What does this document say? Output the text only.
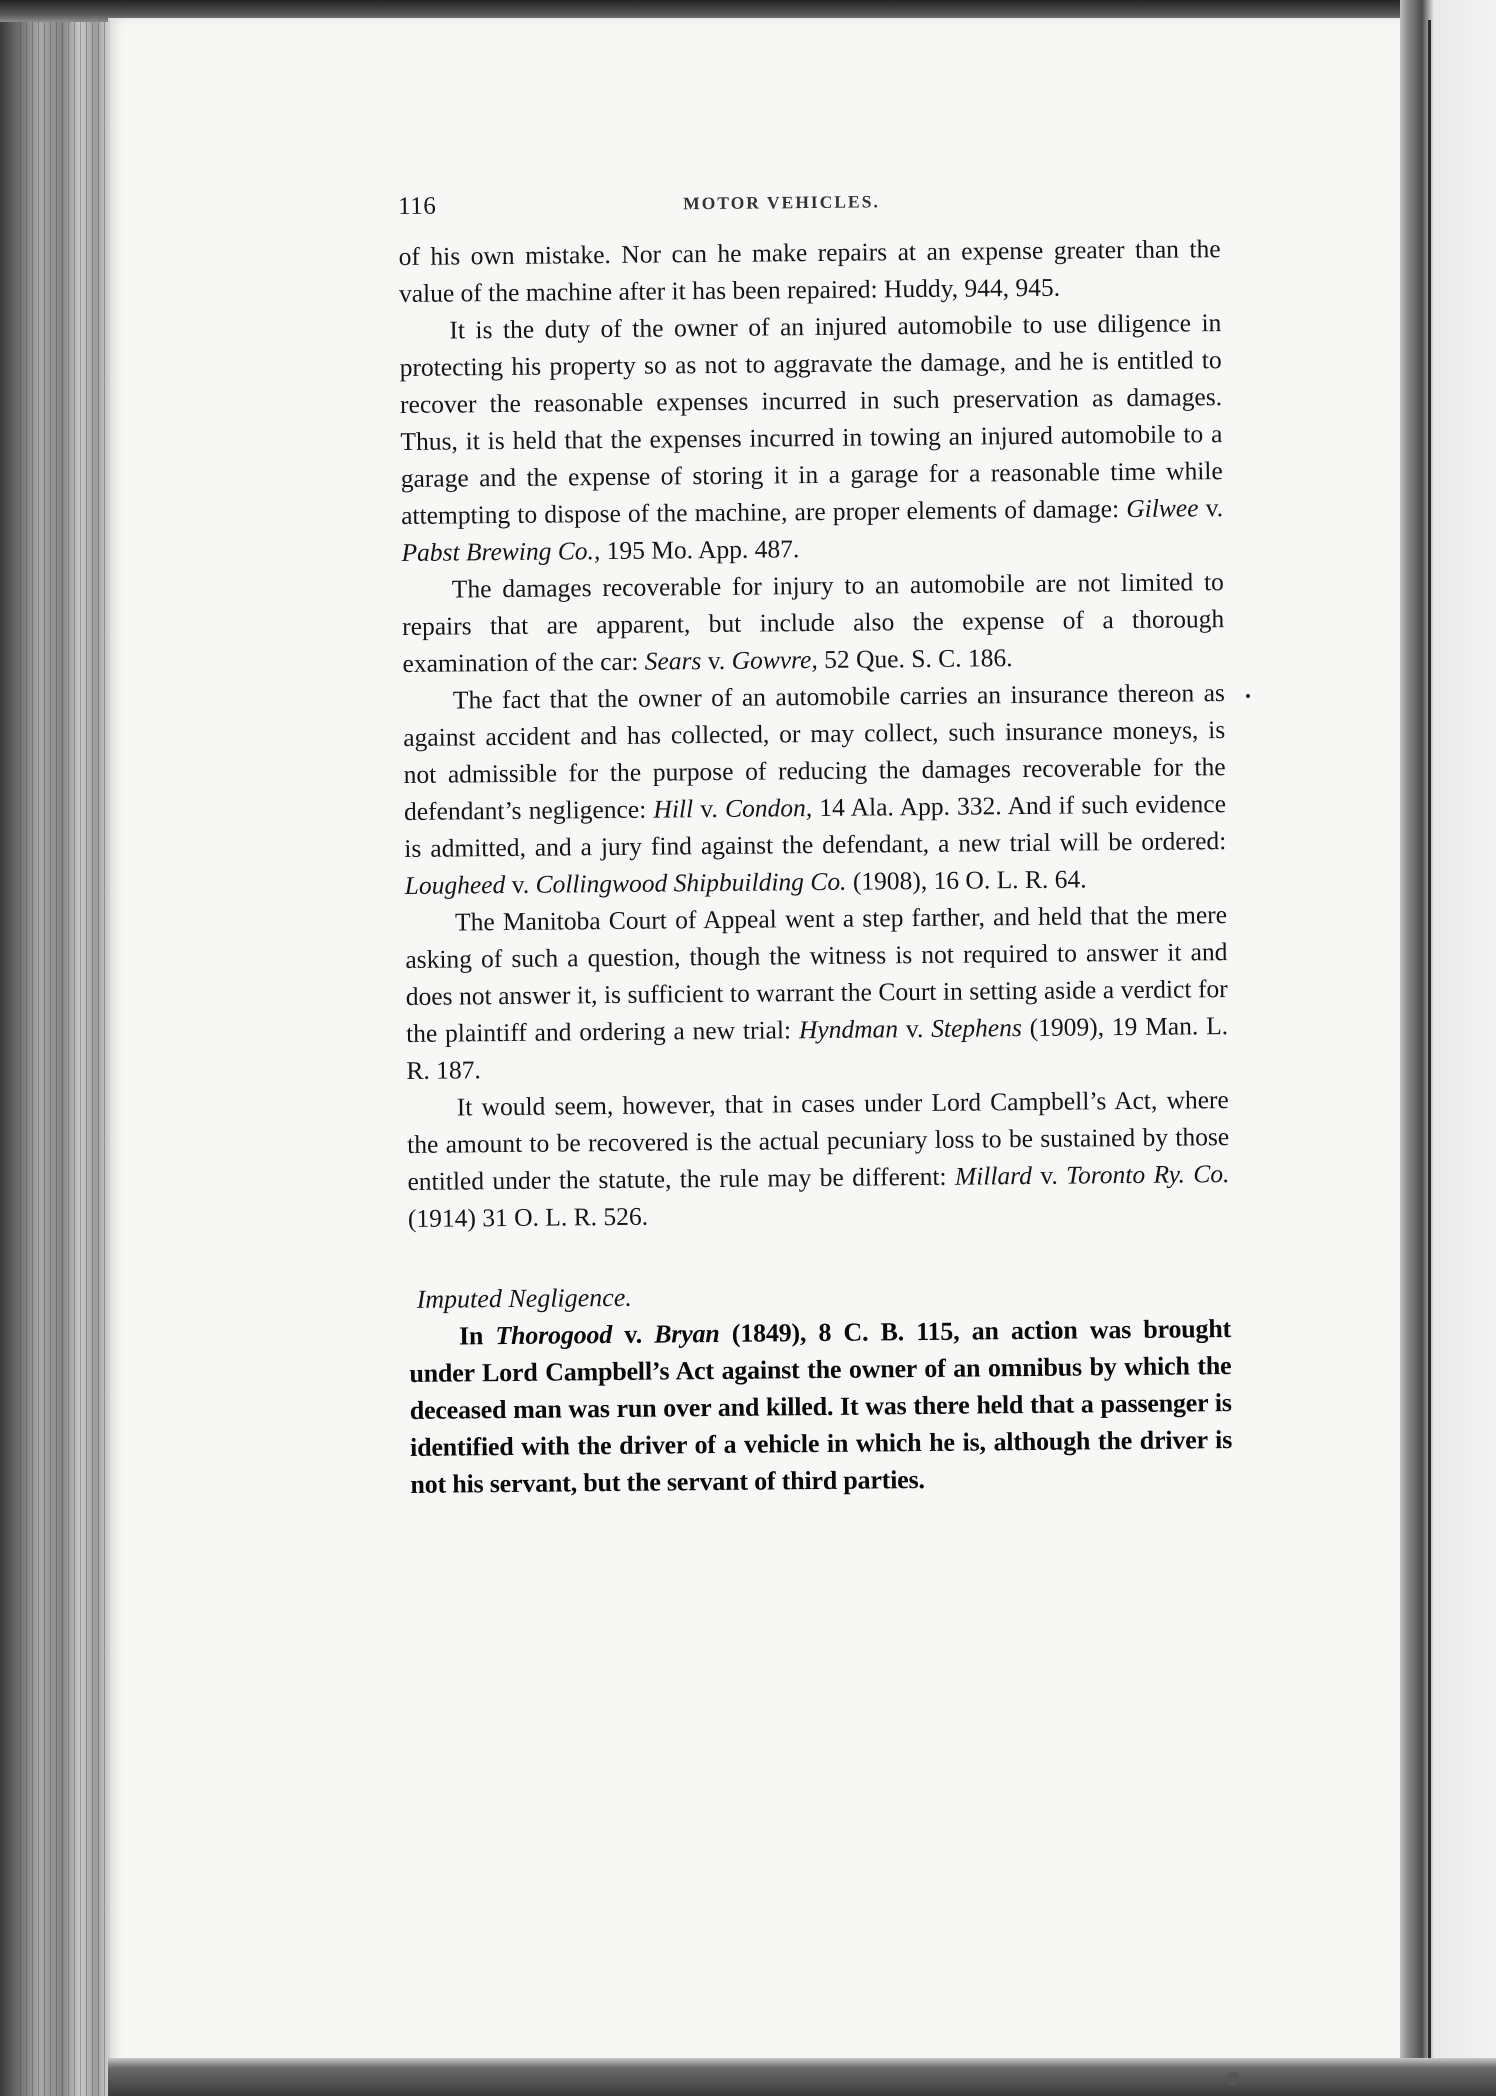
116	MOTOR VEHICLES.

of his own mistake. Nor can he make repairs at an expense greater than the value of the machine after it has been repaired: Huddy, 944, 945.

It is the duty of the owner of an injured automobile to use diligence in protecting his property so as not to aggravate the damage, and he is entitled to recover the reasonable expenses incurred in such preservation as damages. Thus, it is held that the expenses incurred in towing an injured automobile to a garage and the expense of storing it in a garage for a reasonable time while attempting to dispose of the machine, are proper elements of damage: Gilwee v. Pabst Brewing Co., 195 Mo. App. 487.

The damages recoverable for injury to an automobile are not limited to repairs that are apparent, but include also the expense of a thorough examination of the car: Sears v. Gowvre, 52 Que. S. C. 186.

The fact that the owner of an automobile carries an insurance thereon as against accident and has collected, or may collect, such insurance moneys, is not admissible for the purpose of reducing the damages recoverable for the defendant’s negligence: Hill v. Condon, 14 Ala. App. 332. And if such evidence is admitted, and a jury find against the defendant, a new trial will be ordered: Lougheed v. Collingwood Shipbuilding Co. (1908), 16 O. L. R. 64.

The Manitoba Court of Appeal went a step farther, and held that the mere asking of such a question, though the witness is not required to answer it and does not answer it, is sufficient to warrant the Court in setting aside a verdict for the plaintiff and ordering a new trial: Hyndman v. Stephens (1909), 19 Man. L. R. 187.

It would seem, however, that in cases under Lord Campbell’s Act, where the amount to be recovered is the actual pecuniary loss to be sustained by those entitled under the statute, the rule may be different: Millard v. Toronto Ry. Co. (1914) 31 O. L. R. 526.

Imputed Negligence.

In Thorogood v. Bryan (1849), 8 C. B. 115, an action was brought under Lord Campbell’s Act against the owner of an omnibus by which the deceased man was run over and killed. It was there held that a passenger is identified with the driver of a vehicle in which he is, although the driver is not his servant, but the servant of third parties.
